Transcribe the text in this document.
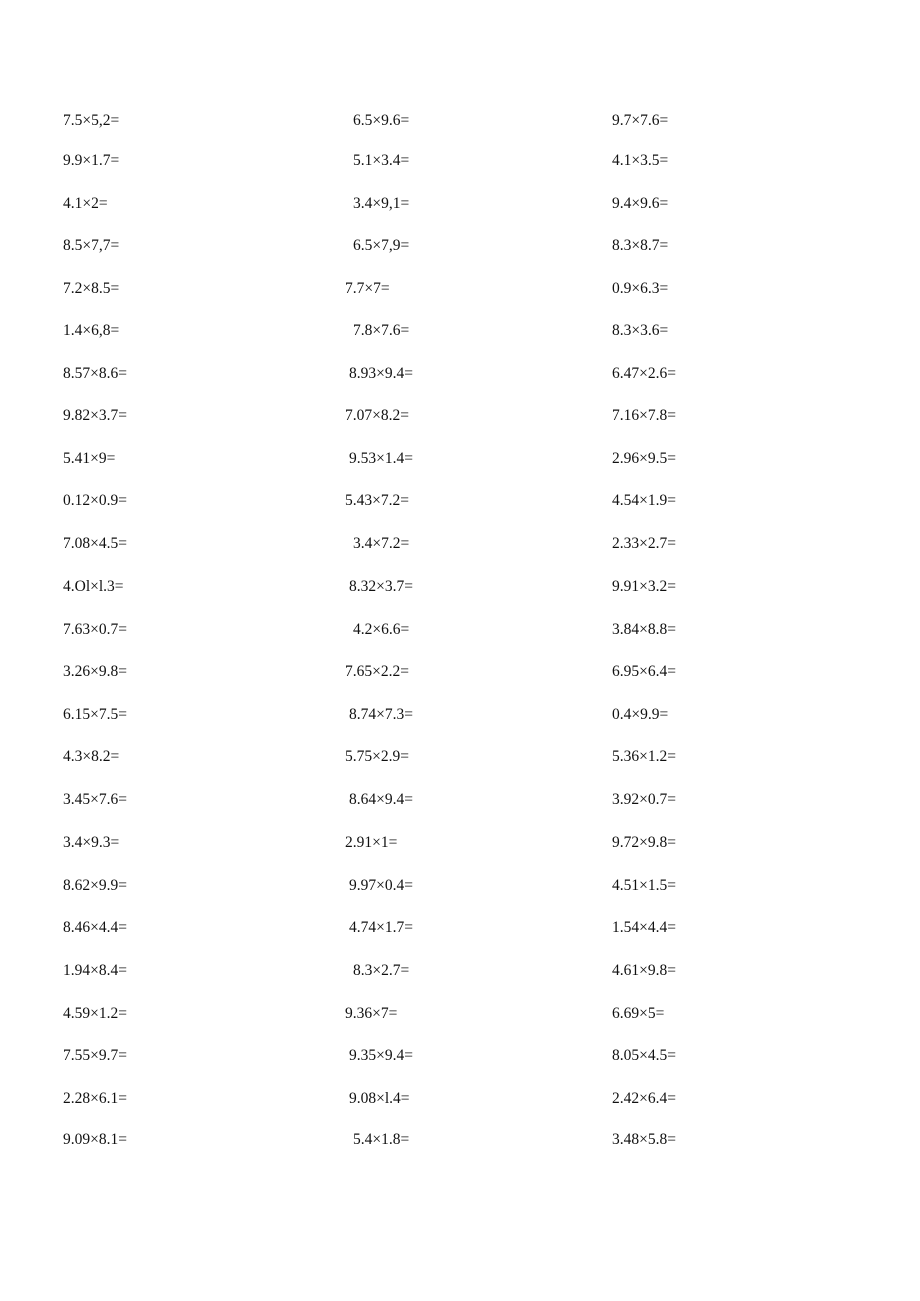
7.5×5,2=	6.5×9.6=	9.7×7.6=
9.9×1.7=	5.1×3.4=	4.1×3.5=
4.1×2=	3.4×9,1=	9.4×9.6=
8.5×7,7=	6.5×7,9=	8.3×8.7=
7.2×8.5=	7.7×7=	0.9×6.3=
1.4×6,8=	7.8×7.6=	8.3×3.6=
8.57×8.6=	8.93×9.4=	6.47×2.6=
9.82×3.7=	7.07×8.2=	7.16×7.8=
5.41×9=	9.53×1.4=	2.96×9.5=
0.12×0.9=	5.43×7.2=	4.54×1.9=
7.08×4.5=	3.4×7.2=	2.33×2.7=
4.Ol×l.3=	8.32×3.7=	9.91×3.2=
7.63×0.7=	4.2×6.6=	3.84×8.8=
3.26×9.8=	7.65×2.2=	6.95×6.4=
6.15×7.5=	8.74×7.3=	0.4×9.9=
4.3×8.2=	5.75×2.9=	5.36×1.2=
3.45×7.6=	8.64×9.4=	3.92×0.7=
3.4×9.3=	2.91×1=	9.72×9.8=
8.62×9.9=	9.97×0.4=	4.51×1.5=
8.46×4.4=	4.74×1.7=	1.54×4.4=
1.94×8.4=	8.3×2.7=	4.61×9.8=
4.59×1.2=	9.36×7=	6.69×5=
7.55×9.7=	9.35×9.4=	8.05×4.5=
2.28×6.1=	9.08×l.4=	2.42×6.4=
9.09×8.1=	5.4×1.8=	3.48×5.8=
